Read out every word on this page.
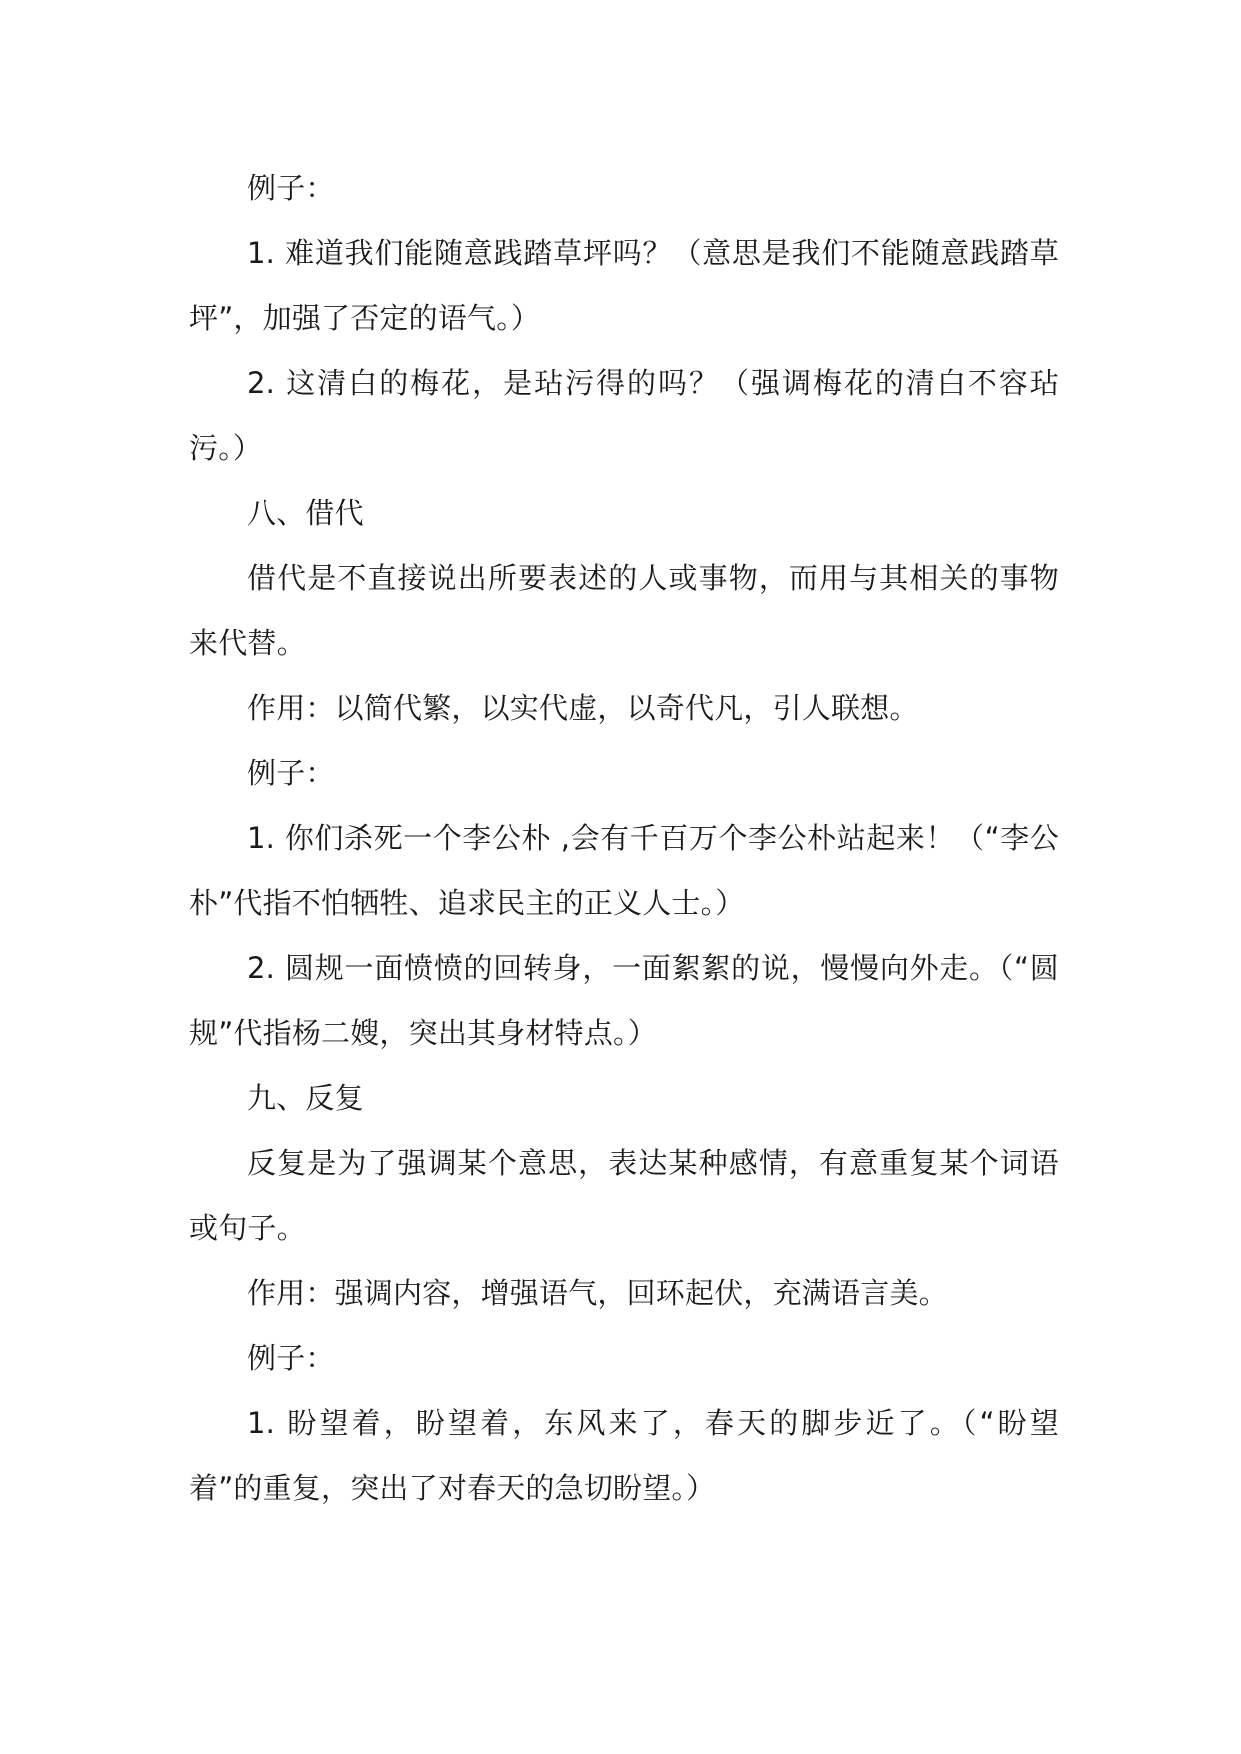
例子：

1. 难道我们能随意践踏草坪吗？（意思是我们不能随意践踏草坪”，加强了否定的语气。）

2. 这清白的梅花，是玷污得的吗？（强调梅花的清白不容玷污。）

八、借代

借代是不直接说出所要表述的人或事物，而用与其相关的事物来代替。

作用：以简代繁，以实代虚，以奇代凡，引人联想。

例子：

1. 你们杀死一个李公朴 ,会有千百万个李公朴站起来！（“李公朴”代指不怕牺牲、追求民主的正义人士。）

2. 圆规一面愤愤的回转身，一面絮絮的说，慢慢向外走。（“圆规”代指杨二嫂，突出其身材特点。）

九、反复

反复是为了强调某个意思，表达某种感情，有意重复某个词语或句子。

作用：强调内容，增强语气，回环起伏，充满语言美。

例子：

1. 盼望着，盼望着，东风来了，春天的脚步近了。（“盼望着”的重复，突出了对春天的急切盼望。）
